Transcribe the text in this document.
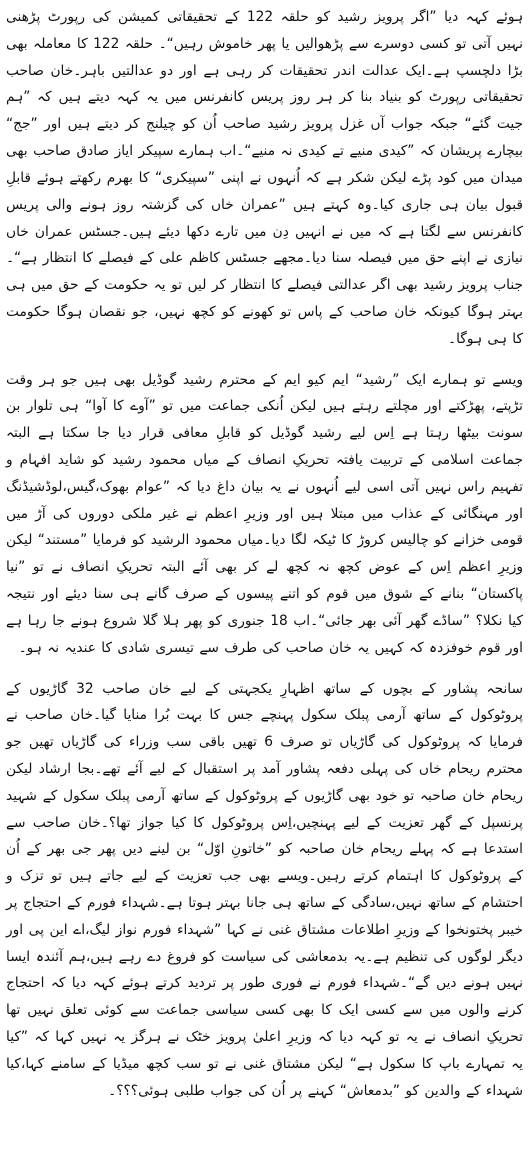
ہوئے کہہ دیا ”اگر پرویز رشید کو حلقہ 122 کے تحقیقاتی کمیشن کی رپورٹ پڑھنی نہیں آتی تو کسی دوسرے سے پڑھوالیں یا پھر خاموش رہیں“۔ حلقہ 122 کا معاملہ بھی بڑا دلچسپ ہے۔ایک عدالت اندر تحقیقات کر رہی ہے اور دو عدالتیں باہر۔خان صاحب تحقیقاتی رپورٹ کو بنیاد بنا کر ہر روز پریس کانفرنس میں یہ کہہ دیتے ہیں کہ ”ہم جیت گئے“ جبکہ جواب آں غزل پرویز رشید صاحب اُن کو چیلنج کر دیتے ہیں اور ”جج“ بیچارے پریشان کہ ”کیدی منیے تے کیدی نہ منیے“۔اب ہمارے سپیکر ایاز صادق صاحب بھی میدان میں کود پڑے لیکن شکر ہے کہ اُنہوں نے اپنی ”سپیکری“ کا بھرم رکھتے ہوئے قابلِ قبول بیان ہی جاری کیا۔وہ کہتے ہیں ”عمران خاں کی گزشتہ روز ہونے والی پریس کانفرنس سے لگتا ہے کہ میں نے انہیں دِن میں تارے دکھا دیئے ہیں۔جسٹس عمران خاں نیازی نے اپنے حق میں فیصلہ سنا دیا۔مجھے جسٹس کاظم علی کے فیصلے کا انتظار ہے“۔جناب پرویز رشید بھی اگر عدالتی فیصلے کا انتظار کر لیں تو یہ حکومت کے حق میں ہی بہتر ہوگا کیونکہ خان صاحب کے پاس تو کھونے کو کچھ نہیں، جو نقصان ہوگا حکومت کا ہی ہوگا۔

ویسے تو ہمارے ایک ”رشید“ ایم کیو ایم کے محترم رشید گوڈیل بھی ہیں جو ہر وقت تڑپتے، پھڑکتے اور مچلتے رہتے ہیں لیکن اُنکی جماعت میں تو ”آوے کا آوا“ ہی تلوار بن سونت بیٹھا رہتا ہے اِس لیے رشید گوڈیل کو قابلِ معافی قرار دیا جا سکتا ہے البتہ جماعت اسلامی کے تربیت یافتہ تحریکِ انصاف کے میاں محمود رشید کو شاید افہام و تفہیم راس نہیں آتی اسی لیے اُنہوں نے یہ بیان داغ دیا کہ ”عوام بھوک،گیس،لوڈشیڈنگ اور مہنگائی کے عذاب میں مبتلا ہیں اور وزیرِ اعظم نے غیر ملکی دوروں کی آڑ میں قومی خزانے کو چالیس کروڑ کا ٹیکہ لگا دیا۔میاں محمود الرشید کو فرمایا ”مستند“ لیکن وزیرِ اعظم اِس کے عوض کچھ نہ کچھ لے کر بھی آئے البتہ تحریکِ انصاف نے تو ”نیا پاکستان“ بنانے کے شوق میں قوم کو اتنے پیسوں کے صرف گانے ہی سنا دیئے اور نتیجہ کیا نکلا؟ ”ساڈے گھر آئی بھر جائی“۔اب 18 جنوری کو پھر ہلا گلا شروع ہونے جا رہا ہے اور قوم خوفزدہ کہ کہیں یہ خان صاحب کی طرف سے تیسری شادی کا عندیہ نہ ہو۔

سانحہ پشاور کے بچوں کے ساتھ اظہارِ یکجہتی کے لیے خان صاحب 32 گاڑیوں کے پروٹوکول کے ساتھ آرمی پبلک سکول پہنچے جس کا بہت بُرا منایا گیا۔خان صاحب نے فرمایا کہ پروٹوکول کی گاڑیاں تو صرف 6 تھیں باقی سب وزراء کی گاڑیاں تھیں جو محترم ریحام خاں کی پہلی دفعہ پشاور آمد پر استقبال کے لیے آئے تھے۔بجا ارشاد لیکن ریحام خان صاحبہ تو خود بھی گاڑیوں کے پروٹوکول کے ساتھ آرمی پبلک سکول کے شہید پرنسپل کے گھر تعزیت کے لیے پہنچیں،اِس پروٹوکول کا کیا جواز تھا؟۔خان صاحب سے استدعا ہے کہ پہلے ریحام خان صاحبہ کو ”خاتونِ اوّل“ بن لینے دیں پھر جی بھر کے اُن کے پروٹوکول کا اہتمام کرتے رہیں۔ویسے بھی جب تعزیت کے لیے جاتے ہیں تو تزک و احتشام کے ساتھ نہیں،سادگی کے ساتھ ہی جانا بہتر ہوتا ہے۔شہداء فورم کے احتجاج پر خیبر پختونخوا کے وزیرِ اطلاعات مشتاق غنی نے کہا ”شہداء فورم نواز لیگ،اے این پی اور دیگر لوگوں کی تنظیم ہے۔یہ بدمعاشی کی سیاست کو فروغ دے رہے ہیں،ہم آئندہ ایسا نہیں ہونے دیں گے“۔شہداء فورم نے فوری طور پر تردید کرتے ہوئے کہہ دیا کہ احتجاج کرنے والوں میں سے کسی ایک کا بھی کسی سیاسی جماعت سے کوئی تعلق نہیں تھا تحریکِ انصاف نے یہ تو کہہ دیا کہ وزیرِ اعلیٰ پرویز خٹک نے ہرگز یہ نہیں کہا کہ ”کیا یہ تمہارے باپ کا سکول ہے“ لیکن مشتاق غنی نے تو سب کچھ میڈیا کے سامنے کہا،کیا شہداء کے والدین کو ”بدمعاش“ کہنے پر اُن کی جواب طلبی ہوئی؟؟؟۔
